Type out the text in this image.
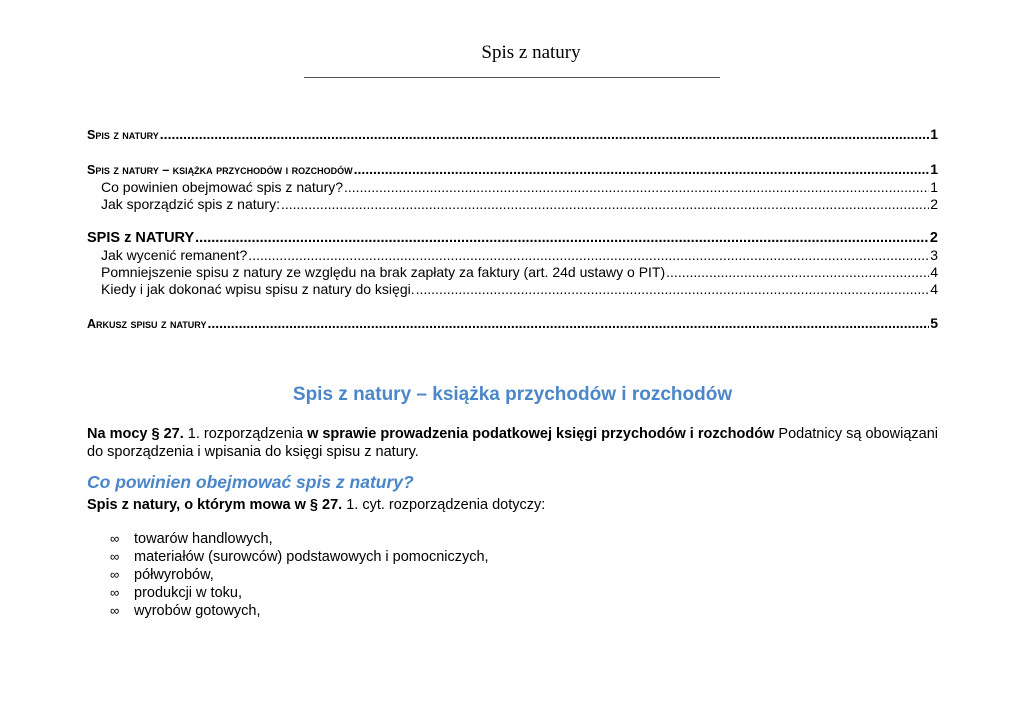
Spis z natury
Spis z natury .....	1
Spis z natury – książka przychodów i rozchodów .....	1
Co powinien obejmować spis z natury? .....	1
Jak sporządzić spis z natury: .....	2
SPIS z NATURY .....	2
Jak wycenić remanent? .....	3
Pomniejszenie spisu z natury ze względu na brak zapłaty za faktury (art. 24d ustawy o PIT) .....	4
Kiedy i jak dokonać wpisu spisu z natury do księgi. .....	4
Arkusz spisu z natury .....	5
Spis z natury – książka przychodów i rozchodów
Na mocy § 27. 1. rozporządzenia w sprawie prowadzenia podatkowej księgi przychodów i rozchodów Podatnicy są obowiązani do sporządzenia i wpisania do księgi spisu z natury.
Co powinien obejmować spis z natury?
Spis z natury, o którym mowa w § 27. 1. cyt. rozporządzenia dotyczy:
∞	towarów handlowych,
∞	materiałów (surowców) podstawowych i pomocniczych,
∞	półwyrobów,
∞	produkcji w toku,
∞	wyrobów gotowych,
